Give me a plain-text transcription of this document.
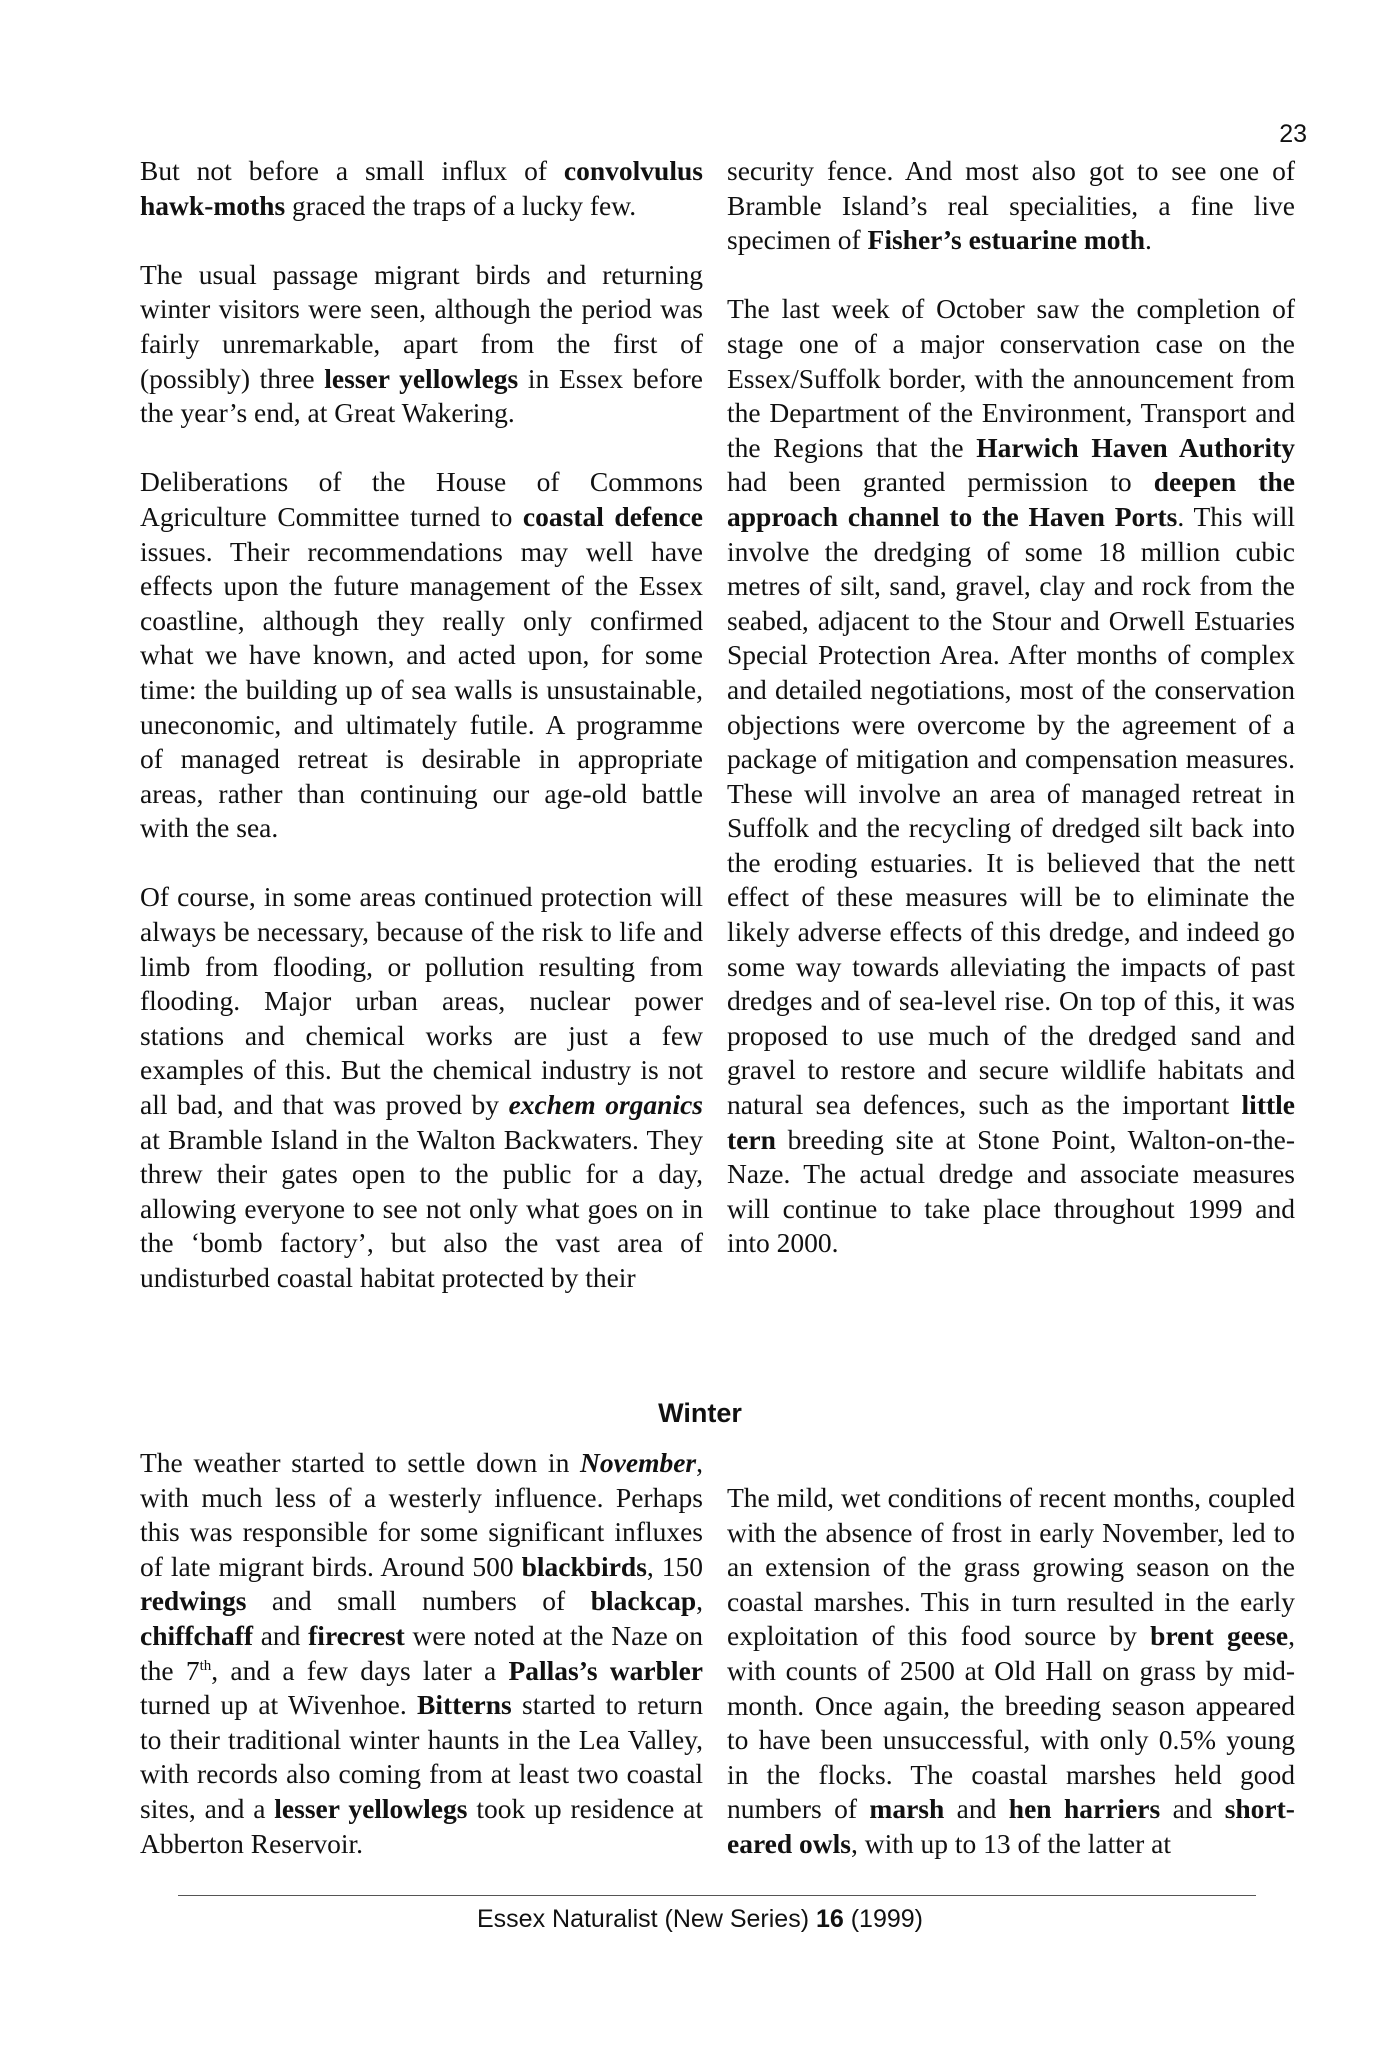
23

But not before a small influx of convolvulus hawk-moths graced the traps of a lucky few.

The usual passage migrant birds and returning winter visitors were seen, although the period was fairly unremarkable, apart from the first of (possibly) three lesser yellowlegs in Essex before the year’s end, at Great Wakering.

Deliberations of the House of Commons Agriculture Committee turned to coastal defence issues. Their recommendations may well have effects upon the future management of the Essex coastline, although they really only confirmed what we have known, and acted upon, for some time: the building up of sea walls is unsustainable, uneconomic, and ultimately futile. A programme of managed retreat is desirable in appropriate areas, rather than continuing our age-old battle with the sea.

Of course, in some areas continued protection will always be necessary, because of the risk to life and limb from flooding, or pollution resulting from flooding. Major urban areas, nuclear power stations and chemical works are just a few examples of this. But the chemical industry is not all bad, and that was proved by exchem organics at Bramble Island in the Walton Backwaters. They threw their gates open to the public for a day, allowing everyone to see not only what goes on in the ‘bomb factory’, but also the vast area of undisturbed coastal habitat protected by their

security fence. And most also got to see one of Bramble Island’s real specialities, a fine live specimen of Fisher’s estuarine moth.

The last week of October saw the completion of stage one of a major conservation case on the Essex/Suffolk border, with the announcement from the Department of the Environment, Transport and the Regions that the Harwich Haven Authority had been granted permission to deepen the approach channel to the Haven Ports. This will involve the dredging of some 18 million cubic metres of silt, sand, gravel, clay and rock from the seabed, adjacent to the Stour and Orwell Estuaries Special Protection Area. After months of complex and detailed negotiations, most of the conservation objections were overcome by the agreement of a package of mitigation and compensation measures. These will involve an area of managed retreat in Suffolk and the recycling of dredged silt back into the eroding estuaries. It is believed that the nett effect of these measures will be to eliminate the likely adverse effects of this dredge, and indeed go some way towards alleviating the impacts of past dredges and of sea-level rise. On top of this, it was proposed to use much of the dredged sand and gravel to restore and secure wildlife habitats and natural sea defences, such as the important little tern breeding site at Stone Point, Walton-on-the-Naze. The actual dredge and associate measures will continue to take place throughout 1999 and into 2000.

Winter

The weather started to settle down in November, with much less of a westerly influence. Perhaps this was responsible for some significant influxes of late migrant birds. Around 500 blackbirds, 150 redwings and small numbers of blackcap, chiffchaff and firecrest were noted at the Naze on the 7th, and a few days later a Pallas’s warbler turned up at Wivenhoe. Bitterns started to return to their traditional winter haunts in the Lea Valley, with records also coming from at least two coastal sites, and a lesser yellowlegs took up residence at Abberton Reservoir.

The mild, wet conditions of recent months, coupled with the absence of frost in early November, led to an extension of the grass growing season on the coastal marshes. This in turn resulted in the early exploitation of this food source by brent geese, with counts of 2500 at Old Hall on grass by mid-month. Once again, the breeding season appeared to have been unsuccessful, with only 0.5% young in the flocks. The coastal marshes held good numbers of marsh and hen harriers and short-eared owls, with up to 13 of the latter at

Essex Naturalist (New Series) 16 (1999)
